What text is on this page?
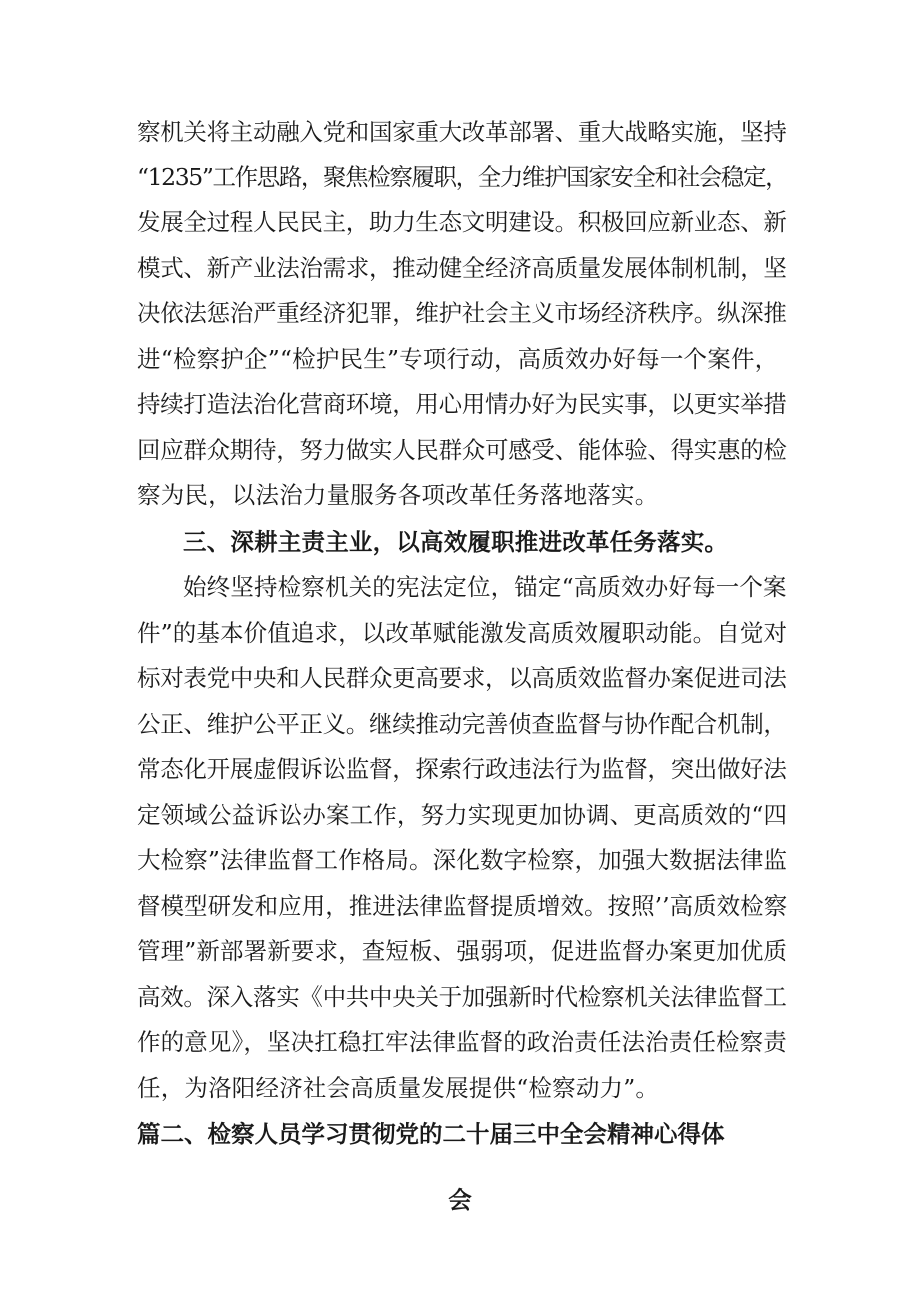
察机关将主动融入党和国家重大改革部署、重大战略实施，坚持
“1235”工作思路，聚焦检察履职，全力维护国家安全和社会稳定，
发展全过程人民民主，助力生态文明建设。积极回应新业态、新
模式、新产业法治需求，推动健全经济高质量发展体制机制，坚
决依法惩治严重经济犯罪，维护社会主义市场经济秩序。纵深推
进“检察护企”“检护民生”专项行动，高质效办好每一个案件，
持续打造法治化营商环境，用心用情办好为民实事，以更实举措
回应群众期待，努力做实人民群众可感受、能体验、得实惠的检
察为民，以法治力量服务各项改革任务落地落实。
三、深耕主责主业，以高效履职推进改革任务落实。
始终坚持检察机关的宪法定位，锚定“高质效办好每一个案
件”的基本价值追求，以改革赋能激发高质效履职动能。自觉对
标对表党中央和人民群众更高要求，以高质效监督办案促进司法
公正、维护公平正义。继续推动完善侦查监督与协作配合机制，
常态化开展虚假诉讼监督，探索行政违法行为监督，突出做好法
定领域公益诉讼办案工作，努力实现更加协调、更高质效的“四
大检察”法律监督工作格局。深化数字检察，加强大数据法律监
督模型研发和应用，推进法律监督提质增效。按照’’高质效检察
管理”新部署新要求，查短板、强弱项，促进监督办案更加优质
高效。深入落实《中共中央关于加强新时代检察机关法律监督工
作的意见》，坚决扛稳扛牢法律监督的政治责任法治责任检察责
任，为洛阳经济社会高质量发展提供“检察动力”。
篇二、检察人员学习贯彻党的二十届三中全会精神心得体
会
